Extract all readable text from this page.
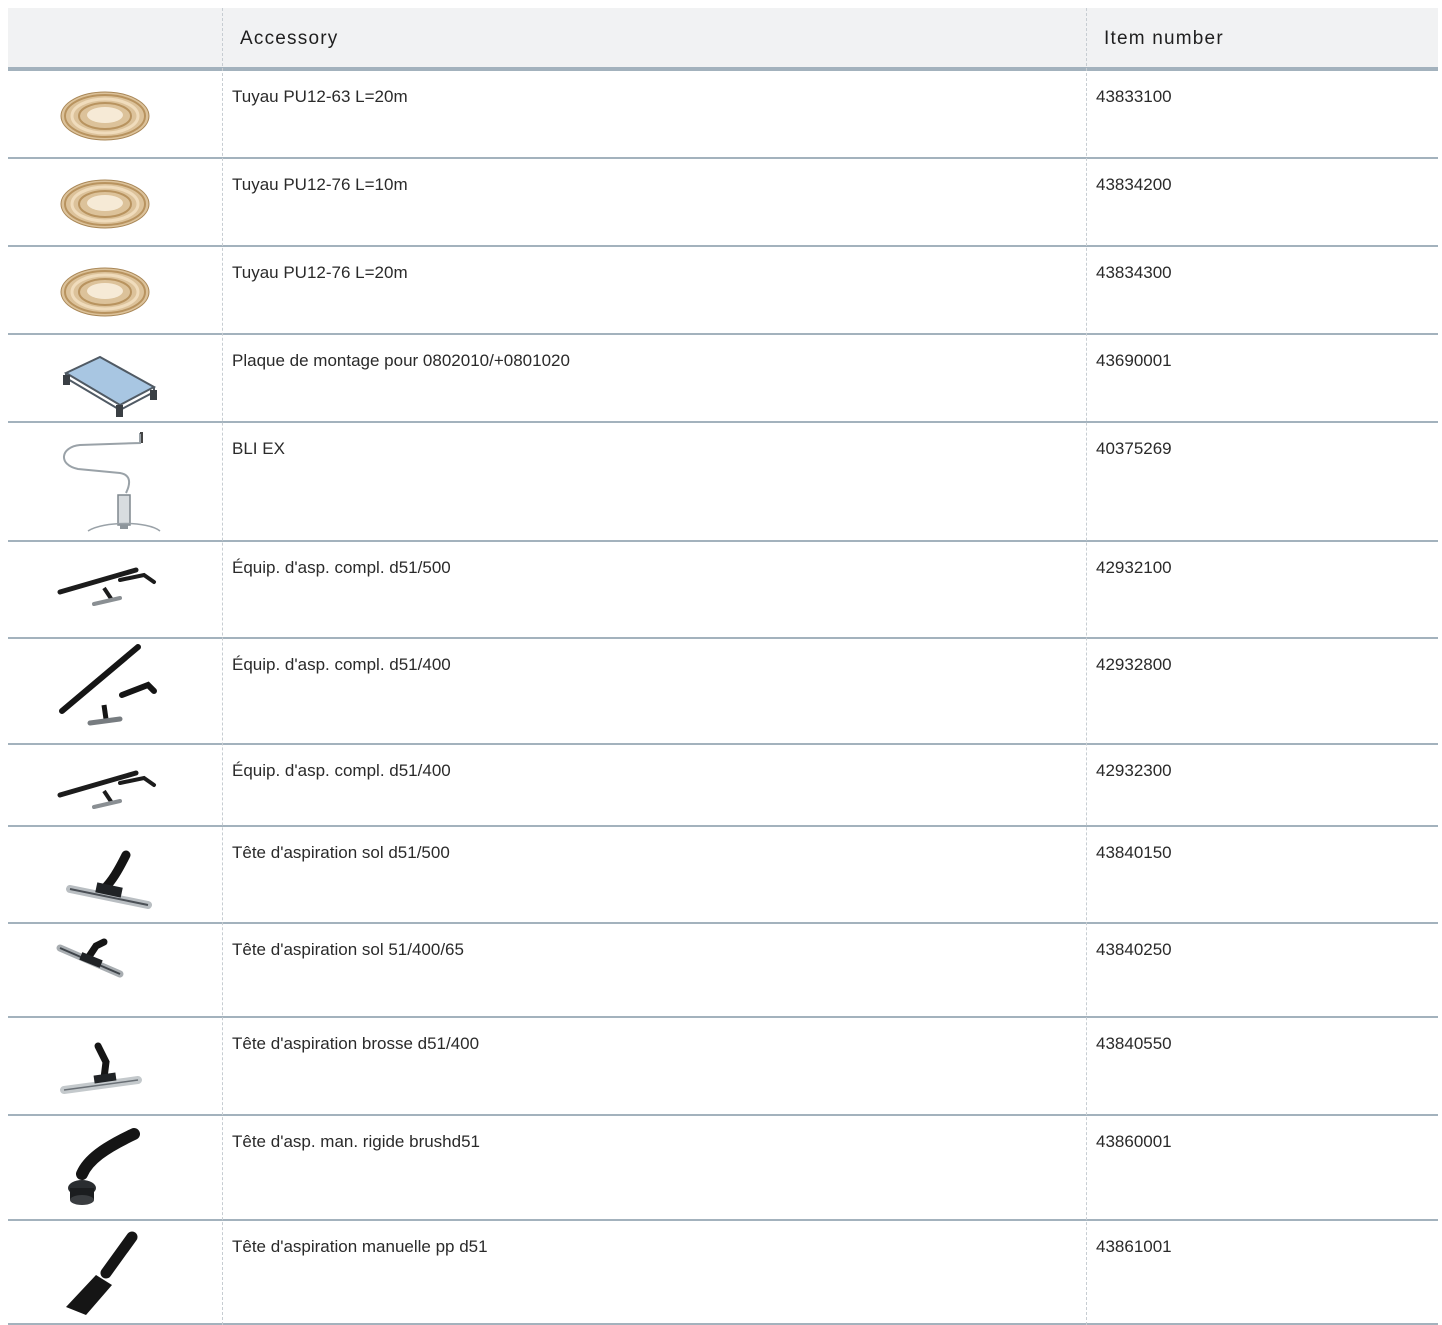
Accessory	Item number
Tuyau PU12-63 L=20m	43833100
Tuyau PU12-76 L=10m	43834200
Tuyau PU12-76 L=20m	43834300
Plaque de montage pour 0802010/+0801020	43690001
BLI EX	40375269
Équip. d'asp. compl. d51/500	42932100
Équip. d'asp. compl. d51/400	42932800
Équip. d'asp. compl. d51/400	42932300
Tête d'aspiration sol d51/500	43840150
Tête d'aspiration sol 51/400/65	43840250
Tête d'aspiration brosse d51/400	43840550
Tête d'asp. man. rigide brushd51	43860001
Tête d'aspiration manuelle pp d51	43861001
